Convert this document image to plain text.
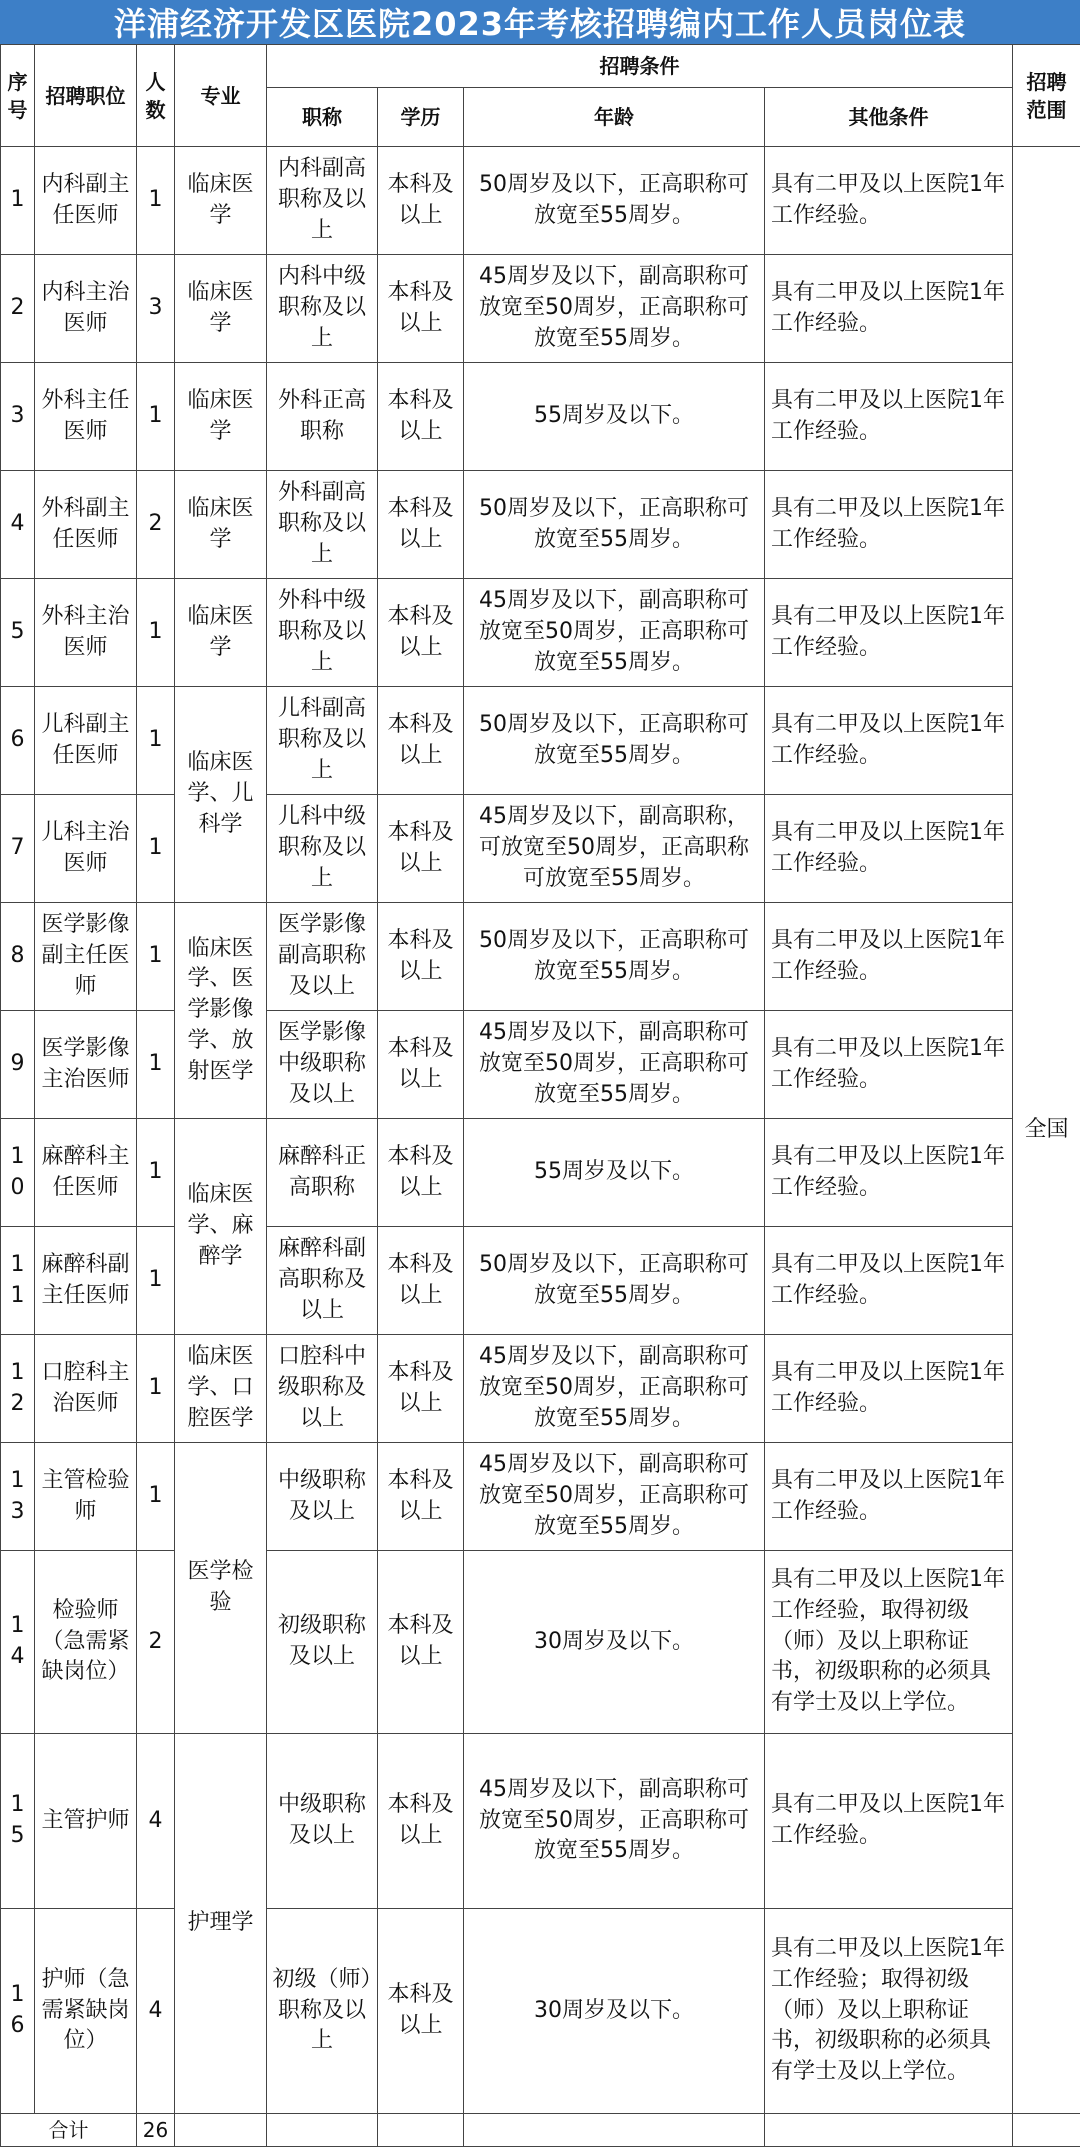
洋浦经济开发区医院2023年考核招聘编内工作人员岗位表
序号	招聘职位	人数	专业	招聘条件				招聘范围
				职称	学历	年龄	其他条件	
1	内科副主任医师	1	临床医学	内科副高职称及以上	本科及以上	50周岁及以下，正高职称可放宽至55周岁。	具有二甲及以上医院1年工作经验。	全国
2	内科主治医师	3	临床医学	内科中级职称及以上	本科及以上	45周岁及以下，副高职称可放宽至50周岁，正高职称可放宽至55周岁。	具有二甲及以上医院1年工作经验。	
3	外科主任医师	1	临床医学	外科正高职称	本科及以上	55周岁及以下。	具有二甲及以上医院1年工作经验。	
4	外科副主任医师	2	临床医学	外科副高职称及以上	本科及以上	50周岁及以下，正高职称可放宽至55周岁。	具有二甲及以上医院1年工作经验。	
5	外科主治医师	1	临床医学	外科中级职称及以上	本科及以上	45周岁及以下，副高职称可放宽至50周岁，正高职称可放宽至55周岁。	具有二甲及以上医院1年工作经验。	
6	儿科副主任医师	1	临床医学、儿科学	儿科副高职称及以上	本科及以上	50周岁及以下，正高职称可放宽至55周岁。	具有二甲及以上医院1年工作经验。	
7	儿科主治医师	1		儿科中级职称及以上	本科及以上	45周岁及以下，副高职称，可放宽至50周岁，正高职称可放宽至55周岁。	具有二甲及以上医院1年工作经验。	
8	医学影像副主任医师	1	临床医学、医学影像学、放射医学	医学影像副高职称及以上	本科及以上	50周岁及以下，正高职称可放宽至55周岁。	具有二甲及以上医院1年工作经验。	
9	医学影像主治医师	1		医学影像中级职称及以上	本科及以上	45周岁及以下，副高职称可放宽至50周岁，正高职称可放宽至55周岁。	具有二甲及以上医院1年工作经验。	
10	麻醉科主任医师	1	临床医学、麻醉学	麻醉科正高职称	本科及以上	55周岁及以下。	具有二甲及以上医院1年工作经验。	
11	麻醉科副主任医师	1		麻醉科副高职称及以上	本科及以上	50周岁及以下，正高职称可放宽至55周岁。	具有二甲及以上医院1年工作经验。	
12	口腔科主治医师	1	临床医学、口腔医学	口腔科中级职称及以上	本科及以上	45周岁及以下，副高职称可放宽至50周岁，正高职称可放宽至55周岁。	具有二甲及以上医院1年工作经验。	
13	主管检验师	1	医学检验	中级职称及以上	本科及以上	45周岁及以下，副高职称可放宽至50周岁，正高职称可放宽至55周岁。	具有二甲及以上医院1年工作经验。	
14	检验师（急需紧缺岗位）	2		初级职称及以上	本科及以上	30周岁及以下。	具有二甲及以上医院1年工作经验，取得初级（师）及以上职称证书，初级职称的必须具有学士及以上学位。	
15	主管护师	4	护理学	中级职称及以上	本科及以上	45周岁及以下，副高职称可放宽至50周岁，正高职称可放宽至55周岁。	具有二甲及以上医院1年工作经验。	
16	护师（急需紧缺岗位）	4		初级（师）职称及以上	本科及以上	30周岁及以下。	具有二甲及以上医院1年工作经验；取得初级（师）及以上职称证书，初级职称的必须具有学士及以上学位。	
合计		26						
